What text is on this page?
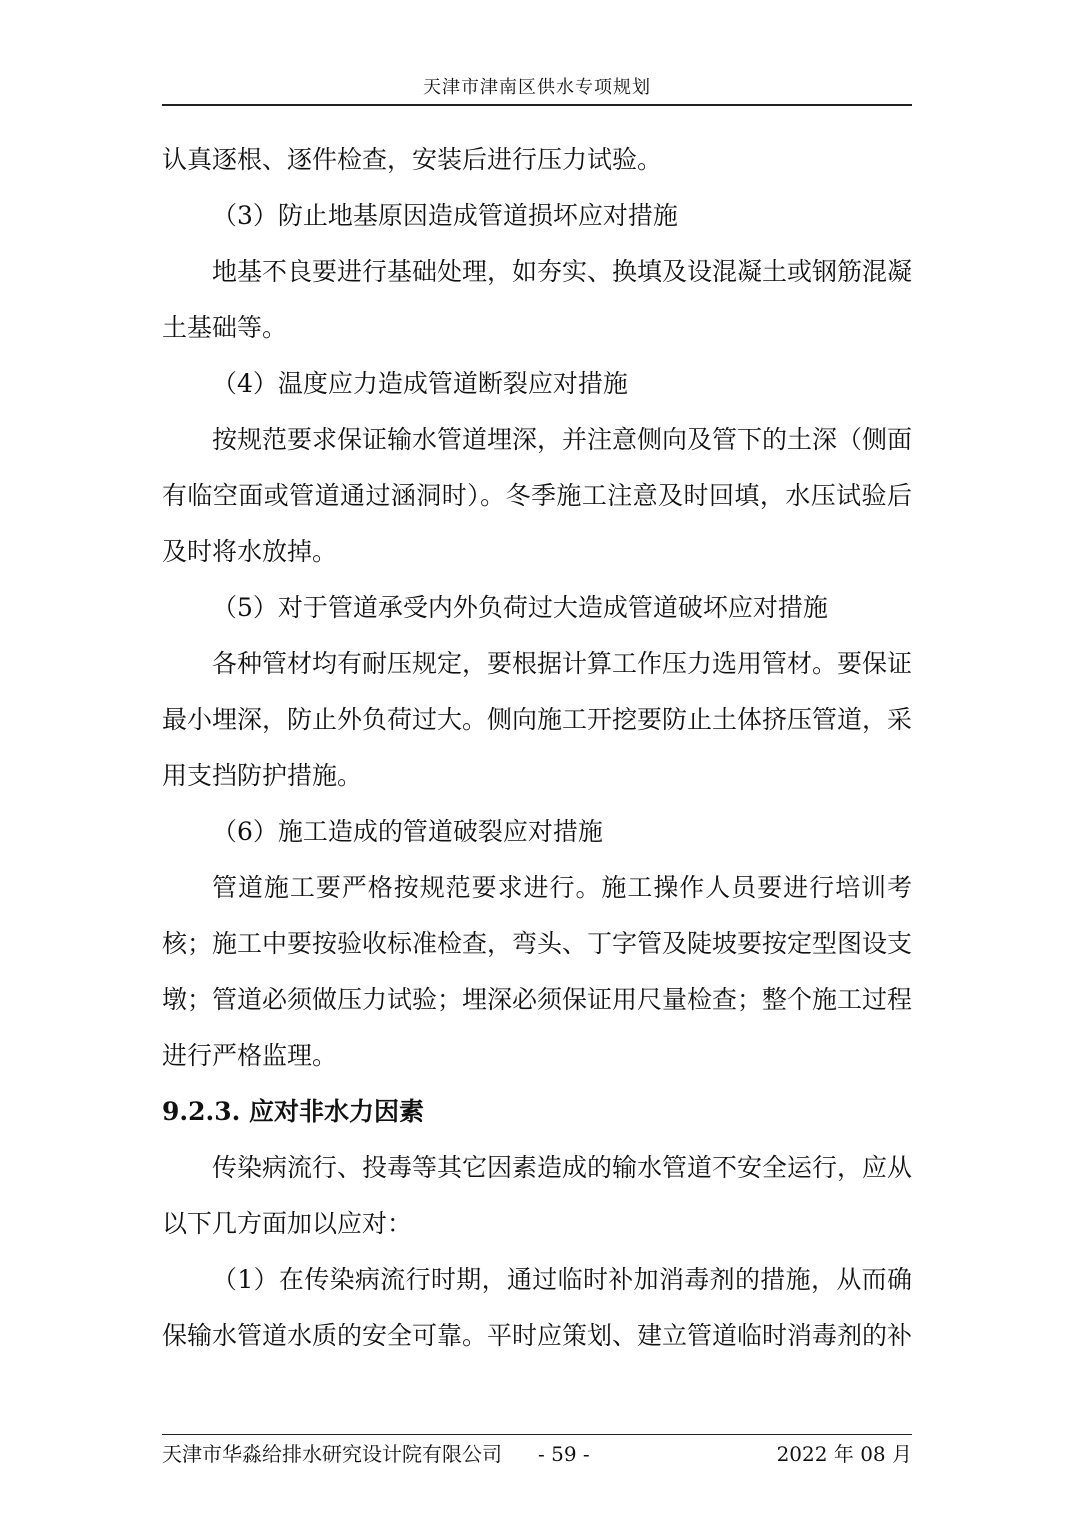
天津市津南区供水专项规划
认真逐根、逐件检查，安装后进行压力试验。
（3）防止地基原因造成管道损坏应对措施
地基不良要进行基础处理，如夯实、换填及设混凝土或钢筋混凝
土基础等。
（4）温度应力造成管道断裂应对措施
按规范要求保证输水管道埋深，并注意侧向及管下的土深（侧面
有临空面或管道通过涵洞时）。冬季施工注意及时回填，水压试验后
及时将水放掉。
（5）对于管道承受内外负荷过大造成管道破坏应对措施
各种管材均有耐压规定，要根据计算工作压力选用管材。要保证
最小埋深，防止外负荷过大。侧向施工开挖要防止土体挤压管道，采
用支挡防护措施。
（6）施工造成的管道破裂应对措施
管道施工要严格按规范要求进行。施工操作人员要进行培训考
核；施工中要按验收标准检查，弯头、丁字管及陡坡要按定型图设支
墩；管道必须做压力试验；埋深必须保证用尺量检查；整个施工过程
进行严格监理。
9.2.3. 应对非水力因素
传染病流行、投毒等其它因素造成的输水管道不安全运行，应从
以下几方面加以应对：
（1）在传染病流行时期，通过临时补加消毒剂的措施，从而确
保输水管道水质的安全可靠。平时应策划、建立管道临时消毒剂的补
天津市华淼给排水研究设计院有限公司 - 59 -	2022 年 08 月
